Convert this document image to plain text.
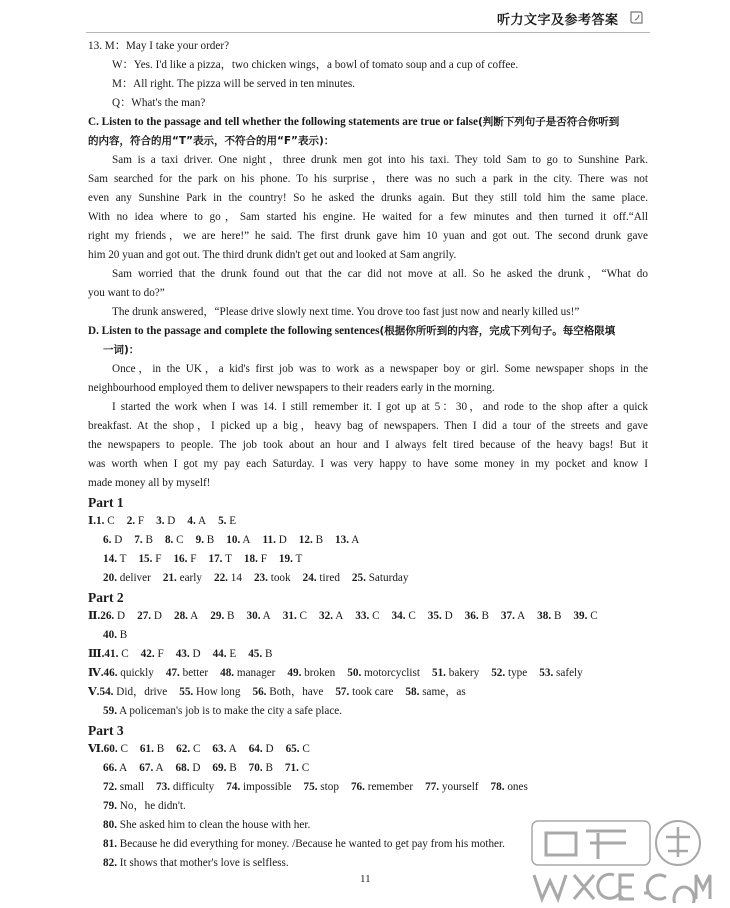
听力文字及参考答案
13. M：May I take your order?
W：Yes. I'd like a pizza，two chicken wings，a bowl of tomato soup and a cup of coffee.
M：All right. The pizza will be served in ten minutes.
Q：What's the man?
C. Listen to the passage and tell whether the following statements are true or false(判断下列句子是否符合你听到
的内容，符合的用“T”表示，不符合的用“F”表示)：
Sam is a taxi driver. One night，three drunk men got into his taxi. They told Sam to go to Sunshine Park.
Sam searched for the park on his phone. To his surprise，there was no such a park in the city. There was not
even any Sunshine Park in the country! So he asked the drunks again. But they still told him the same place.
With no idea where to go，Sam started his engine. He waited for a few minutes and then turned it off.“All
right my friends，we are here!” he said. The first drunk gave him 10 yuan and got out. The second drunk gave
him 20 yuan and got out. The third drunk didn't get out and looked at Sam angrily.
Sam worried that the drunk found out that the car did not move at all. So he asked the drunk，“What do
you want to do?”
The drunk answered，“Please drive slowly next time. You drove too fast just now and nearly killed us!”
D. Listen to the passage and complete the following sentences(根据你所听到的内容，完成下列句子。每空格限填
一词)：
Once，in the UK，a kid's first job was to work as a newspaper boy or girl. Some newspaper shops in the
neighbourhood employed them to deliver newspapers to their readers early in the morning.
I started the work when I was 14. I still remember it. I got up at 5：30，and rode to the shop after a quick
breakfast. At the shop，I picked up a big，heavy bag of newspapers. Then I did a tour of the streets and gave
the newspapers to people. The job took about an hour and I always felt tired because of the heavy bags! But it
was worth when I got my pay each Saturday. I was very happy to have some money in my pocket and know I
made money all by myself!
Part 1
Ⅰ.1. C 2. F 3. D 4. A 5. E
6. D 7. B 8. C 9. B 10. A 11. D 12. B 13. A
14. T 15. F 16. F 17. T 18. F 19. T
20. deliver 21. early 22. 14 23. took 24. tired 25. Saturday
Part 2
Ⅱ.26. D 27. D 28. A 29. B 30. A 31. C 32. A 33. C 34. C 35. D 36. B 37. A 38. B 39. C
40. B
Ⅲ.41. C 42. F 43. D 44. E 45. B
Ⅳ.46. quickly 47. better 48. manager 49. broken 50. motorcyclist 51. bakery 52. type 53. safely
Ⅴ.54. Did，drive 55. How long 56. Both，have 57. took care 58. same，as
59. A policeman's job is to make the city a safe place.
Part 3
Ⅵ.60. C 61. B 62. C 63. A 64. D 65. C
66. A 67. A 68. D 69. B 70. B 71. C
72. small 73. difficulty 74. impossible 75. stop 76. remember 77. yourself 78. ones
79. No，he didn't.
80. She asked him to clean the house with her.
81. Because he did everything for money. /Because he wanted to get pay from his mother.
82. It shows that mother's love is selfless.
11
